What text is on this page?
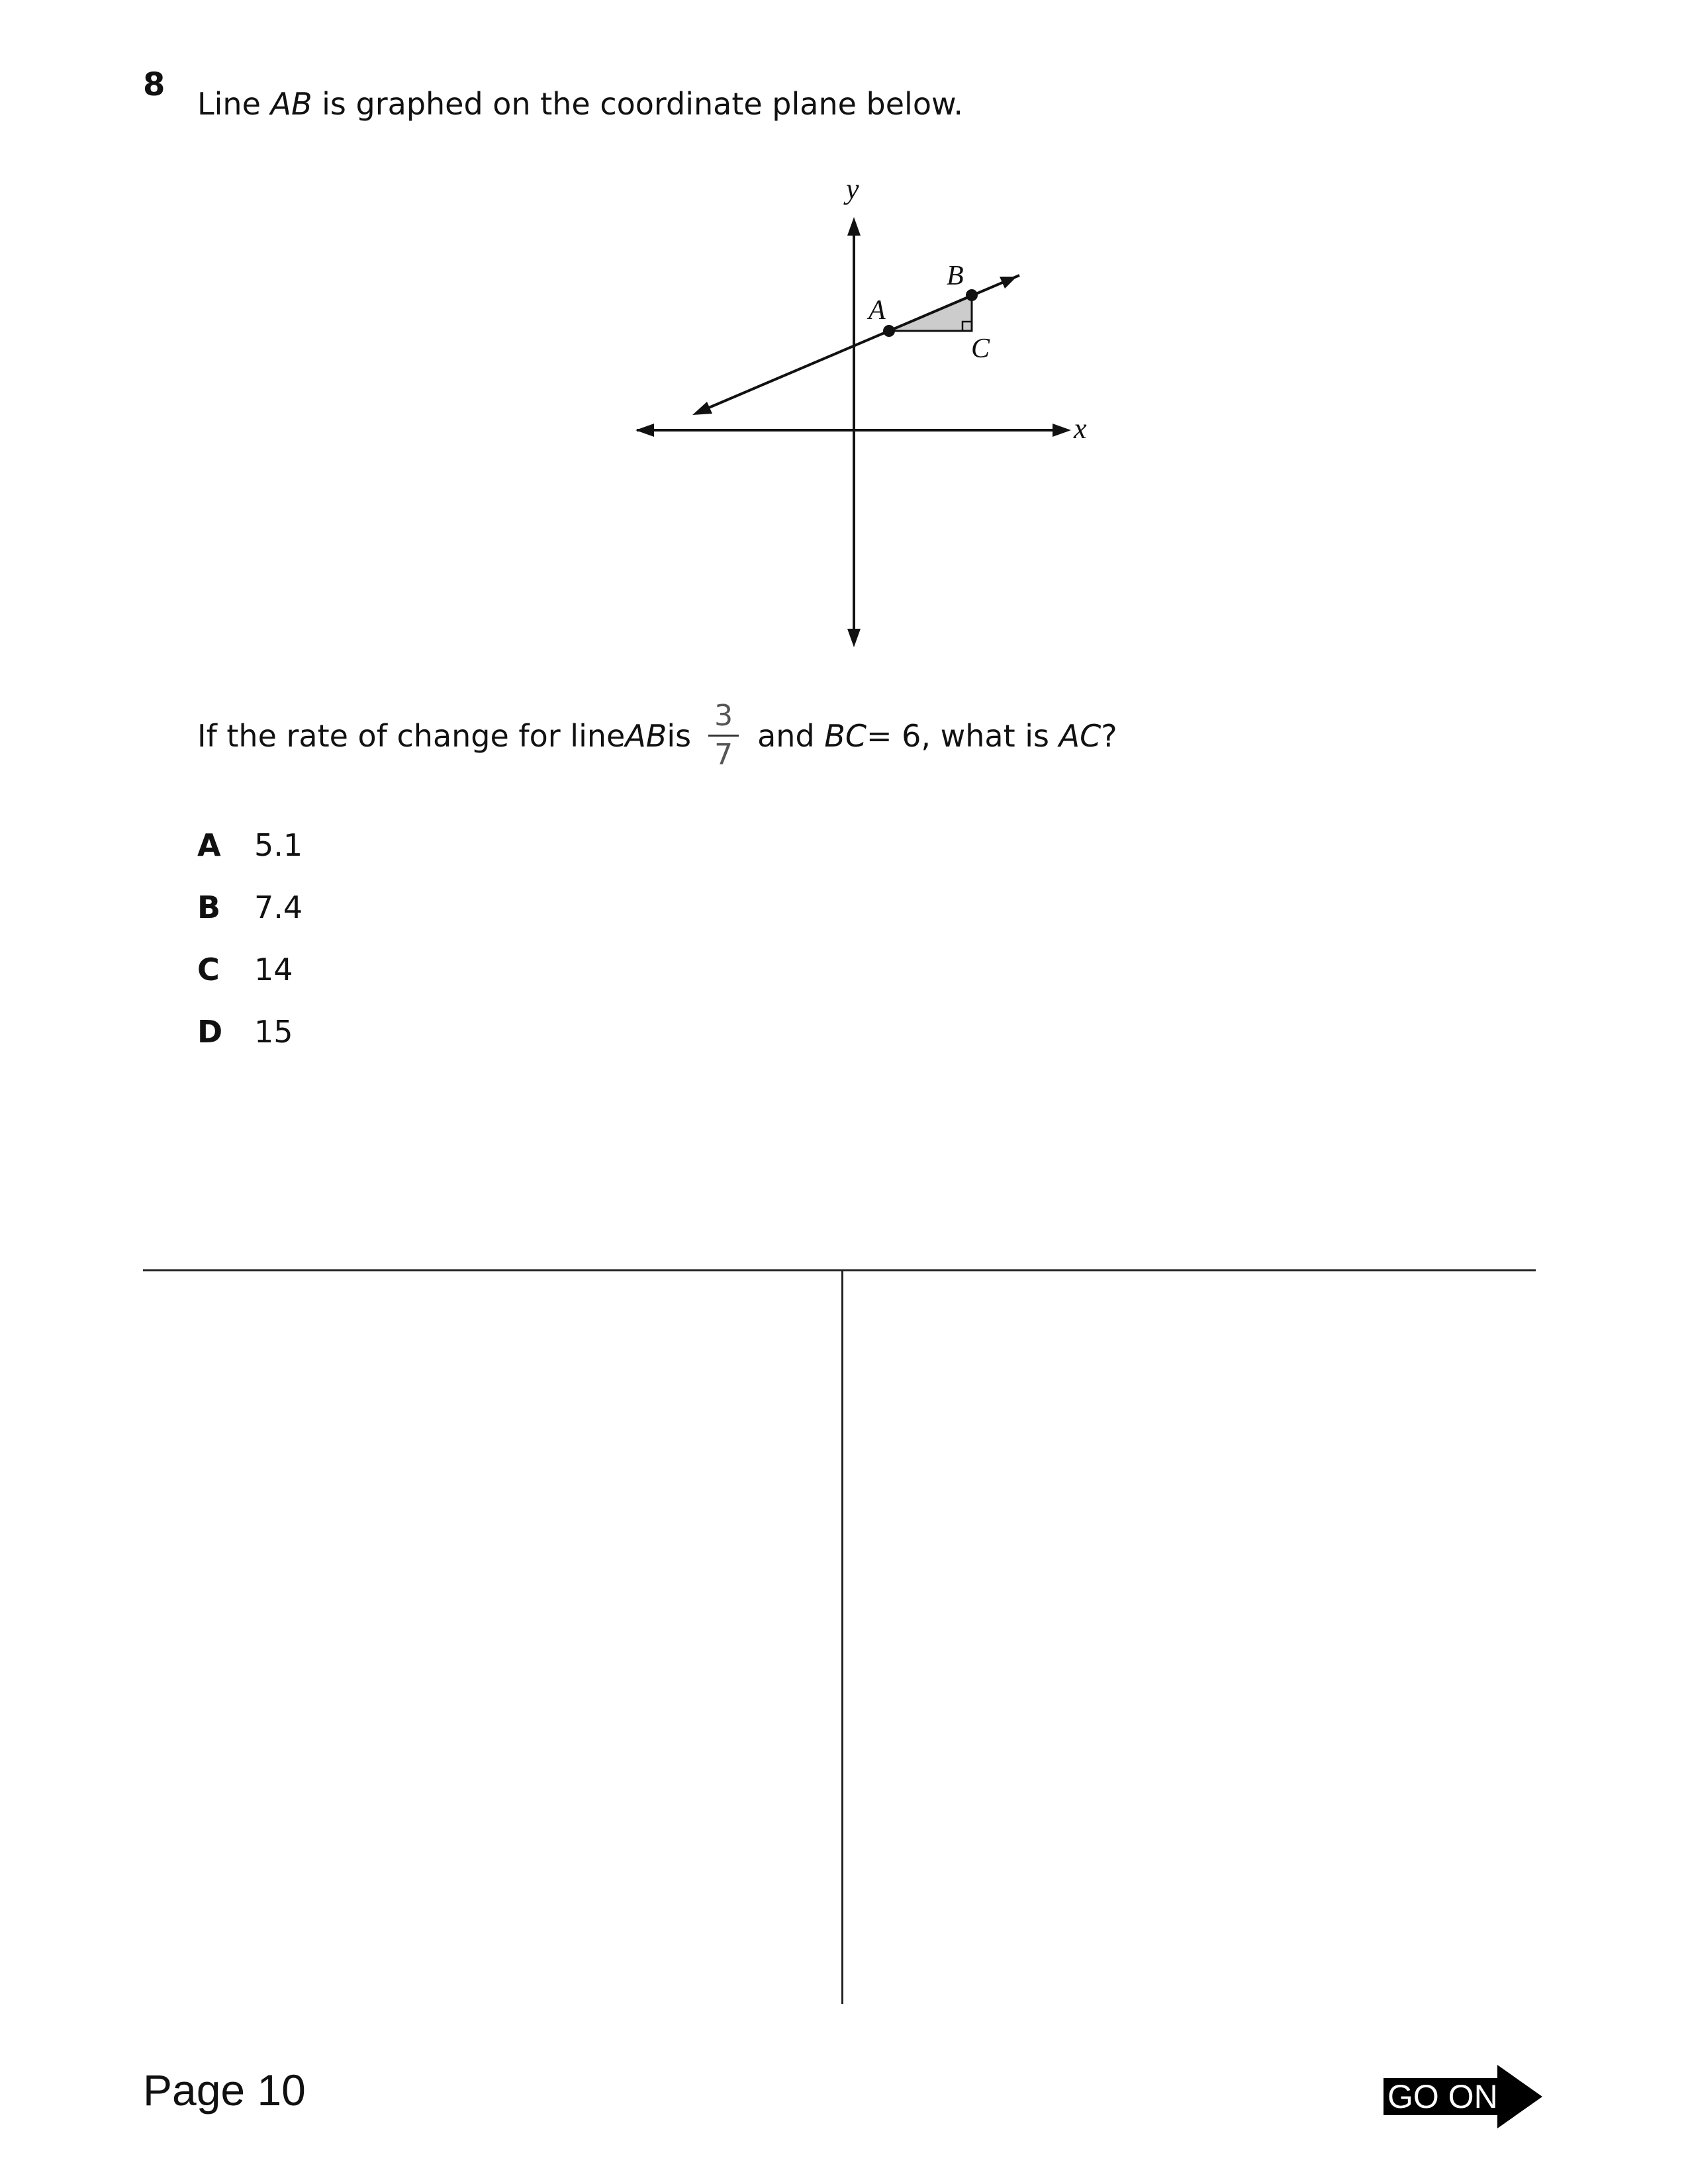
8
Line AB is graphed on the coordinate plane below.
x
y
A
B
C
If the rate of change for line AB is $\frac{3}{7}$ and
BC = 6, what is
AC ?
A	5.1
B	7.4
C	14
D	15
Page 10	GO ON
